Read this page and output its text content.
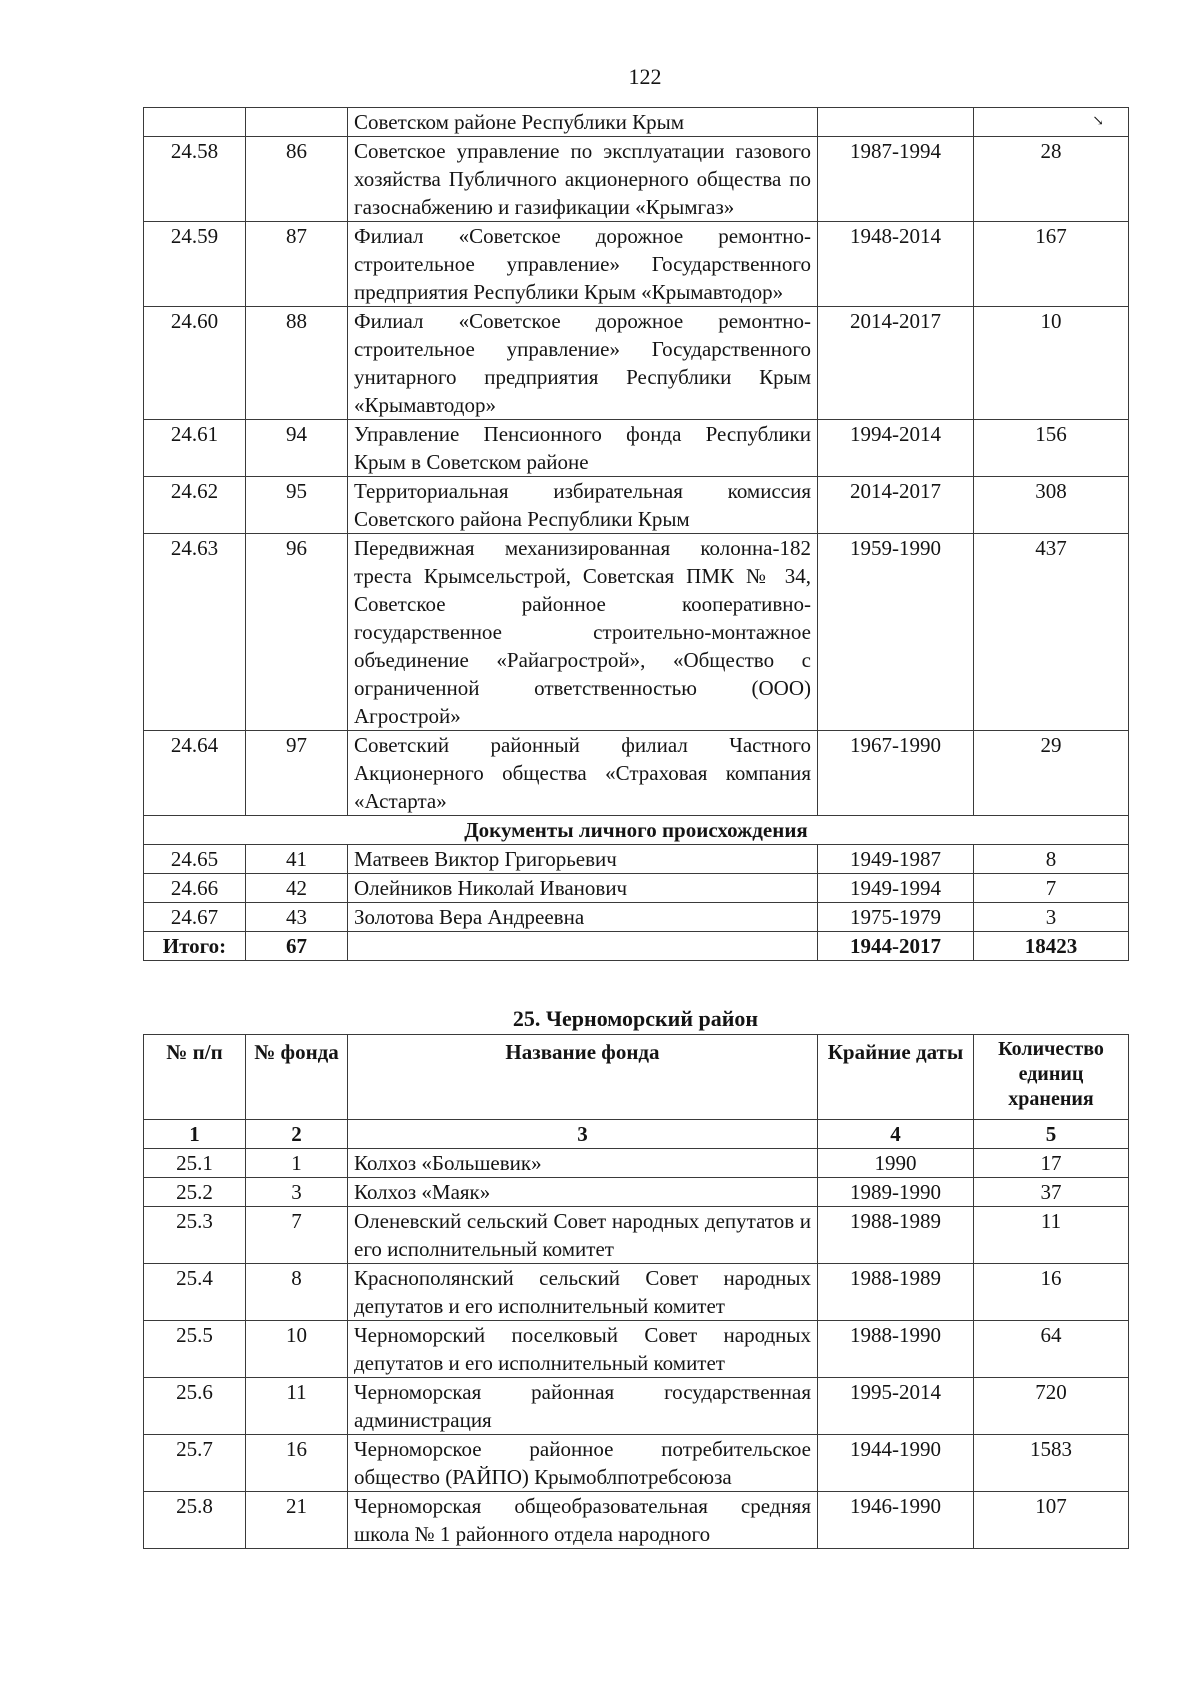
122
		Советском районе Республики Крым		↘

24.58	86	Советское управление по эксплуатации газового хозяйства Публичного акционерного общества по газоснабжению и газификации «Крымгаз»	1987-1994	28
24.59	87	Филиал «Советское дорожное ремонтно-строительное управление» Государственного предприятия Республики Крым «Крымавтодор»	1948-2014	167
24.60	88	Филиал «Советское дорожное ремонтно-строительное управление» Государственного унитарного предприятия Республики Крым «Крымавтодор»	2014-2017	10
24.61	94	Управление Пенсионного фонда Республики Крым в Советском районе	1994-2014	156
24.62	95	Территориальная избирательная комиссия Советского района Республики Крым	2014-2017	308
24.63	96	Передвижная механизированная колонна-182 треста Крымсельстрой, Советская ПМК № 34, Советское районное кооперативно-государственное строительно-монтажное объединение «Райагрострой», «Общество с ограниченной ответственностью (ООО) Агрострой»	1959-1990	437
24.64	97	Советский районный филиал Частного Акционерного общества «Страховая компания «Астарта»	1967-1990	29
Документы личного происхождения				
24.65	41	Матвеев Виктор Григорьевич	1949-1987	8
24.66	42	Олейников Николай Иванович	1949-1994	7
24.67	43	Золотова Вера Андреевна	1975-1979	3
Итого:	67		1944-2017	18423
25. Черноморский район
№ п/п	№ фонда	Название фонда	Крайние даты	Количество единиц хранения
1	2	3	4	5
25.1	1	Колхоз «Большевик»	1990	17
25.2	3	Колхоз «Маяк»	1989-1990	37
25.3	7	Оленевский сельский Совет народных депутатов и его исполнительный комитет	1988-1989	11
25.4	8	Краснополянский сельский Совет народных депутатов и его исполнительный комитет	1988-1989	16
25.5	10	Черноморский поселковый Совет народных депутатов и его исполнительный комитет	1988-1990	64
25.6	11	Черноморская районная государственная администрация	1995-2014	720
25.7	16	Черноморское районное потребительское общество (РАЙПО) Крымоблпотребсоюза	1944-1990	1583
25.8	21	Черноморская общеобразовательная средняя школа № 1 районного отдела народного	1946-1990	107
